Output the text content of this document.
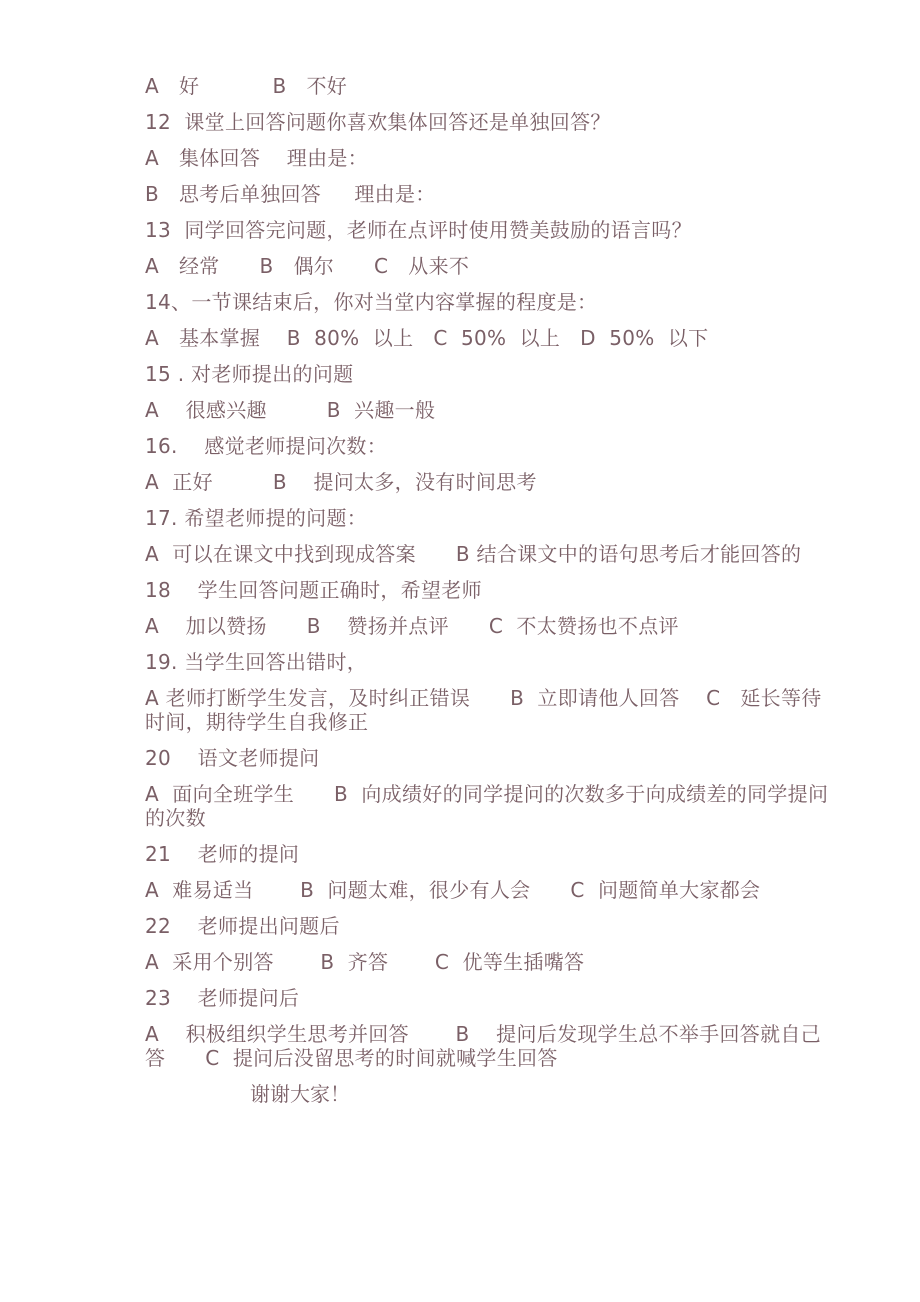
A   好           B   不好
12  课堂上回答问题你喜欢集体回答还是单独回答？
A   集体回答    理由是：
B   思考后单独回答     理由是：
13  同学回答完问题，老师在点评时使用赞美鼓励的语言吗？
A   经常      B   偶尔      C   从来不
14、一节课结束后，你对当堂内容掌握的程度是：
A   基本掌握    B  80%  以上   C  50%  以上   D  50%  以下
15 . 对老师提出的问题
A    很感兴趣         B  兴趣一般
16.    感觉老师提问次数：
A  正好         B    提问太多，没有时间思考
17. 希望老师提的问题：
A  可以在课文中找到现成答案      B 结合课文中的语句思考后才能回答的
18    学生回答问题正确时，希望老师
A    加以赞扬      B    赞扬并点评      C  不太赞扬也不点评
19. 当学生回答出错时，
A 老师打断学生发言，及时纠正错误      B  立即请他人回答    C   延长等待时间，期待学生自我修正
20    语文老师提问
A  面向全班学生      B  向成绩好的同学提问的次数多于向成绩差的同学提问的次数
21    老师的提问
A  难易适当       B  问题太难，很少有人会      C  问题简单大家都会
22    老师提出问题后
A  采用个别答       B  齐答       C  优等生插嘴答
23    老师提问后
A    积极组织学生思考并回答       B    提问后发现学生总不举手回答就自己答      C  提问后没留思考的时间就喊学生回答
谢谢大家！
